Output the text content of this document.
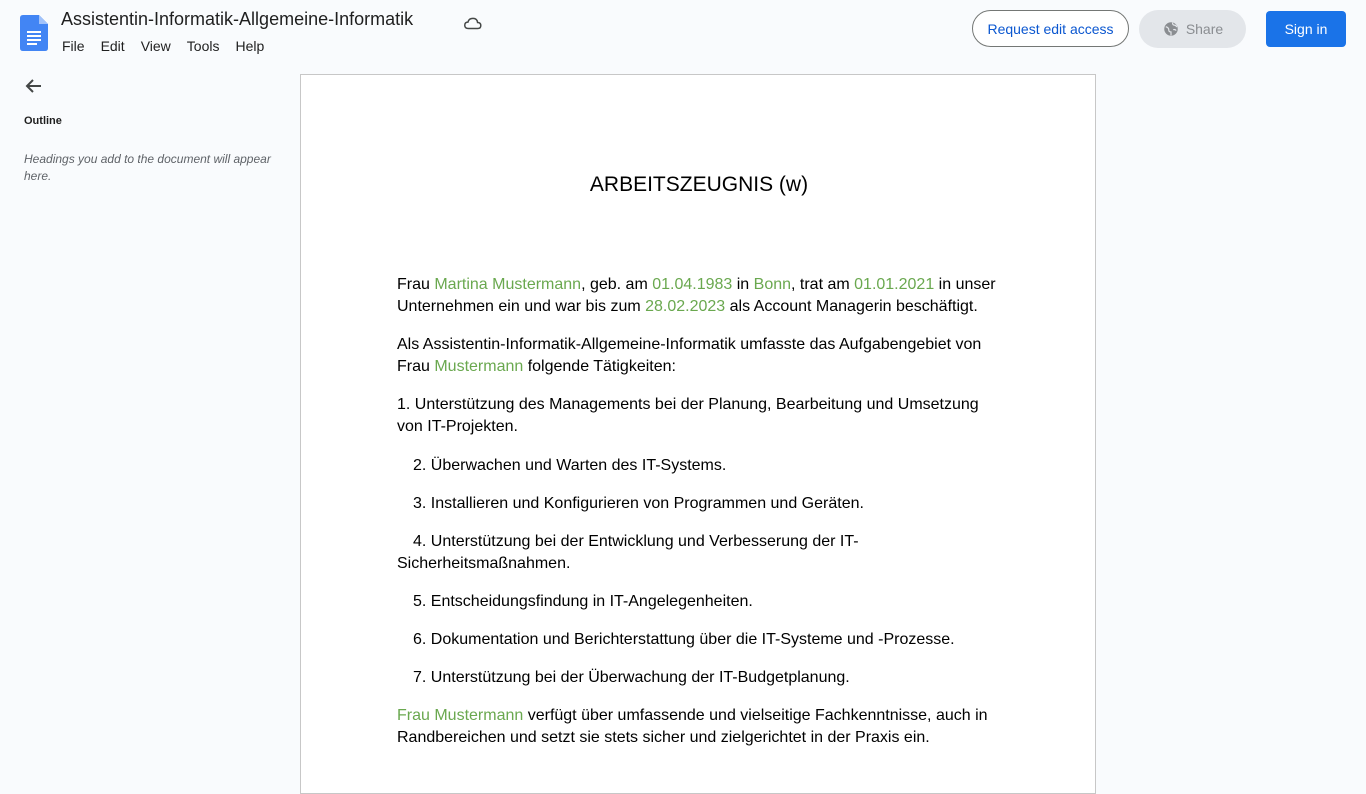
Assistentin-Informatik-Allgemeine-Informatik
File	Edit	View	Tools	Help
Request edit access	Share	Sign in
Outline
Headings you add to the document will appear here.	ARBEITSZEUGNIS (w)

Frau Martina Mustermann, geb. am 01.04.1983 in Bonn, trat am 01.01.2021 in unser Unternehmen ein und war bis zum 28.02.2023 als Account Managerin beschäftigt.

Als Assistentin-Informatik-Allgemeine-Informatik umfasste das Aufgabengebiet von Frau Mustermann folgende Tätigkeiten:

1. Unterstützung des Managements bei der Planung, Bearbeitung und Umsetzung von IT-Projekten.

2. Überwachen und Warten des IT-Systems.

3. Installieren und Konfigurieren von Programmen und Geräten.

4. Unterstützung bei der Entwicklung und Verbesserung der IT-Sicherheitsmaßnahmen.

5. Entscheidungsfindung in IT-Angelegenheiten.

6. Dokumentation und Berichterstattung über die IT-Systeme und -Prozesse.

7. Unterstützung bei der Überwachung der IT-Budgetplanung.

Frau Mustermann verfügt über umfassende und vielseitige Fachkenntnisse, auch in Randbereichen und setzt sie stets sicher und zielgerichtet in der Praxis ein.
